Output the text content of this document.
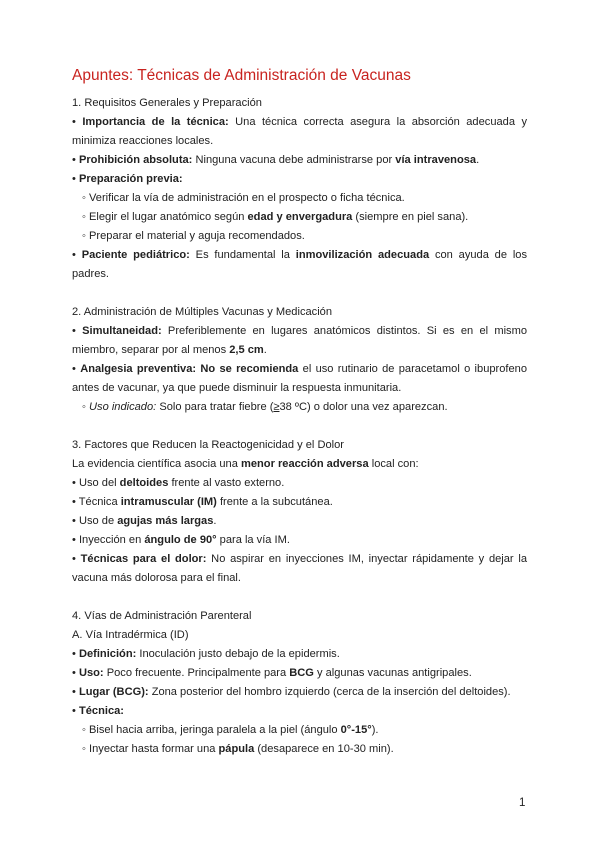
Apuntes: Técnicas de Administración de Vacunas

1. Requisitos Generales y Preparación

• Importancia de la técnica: Una técnica correcta asegura la absorción adecuada y minimiza reacciones locales.

• Prohibición absoluta: Ninguna vacuna debe administrarse por vía intravenosa.

• Preparación previa:

◦ Verificar la vía de administración en el prospecto o ficha técnica.

◦ Elegir el lugar anatómico según edad y envergadura (siempre en piel sana).

◦ Preparar el material y aguja recomendados.

• Paciente pediátrico: Es fundamental la inmovilización adecuada con ayuda de los padres.

2. Administración de Múltiples Vacunas y Medicación

• Simultaneidad: Preferiblemente en lugares anatómicos distintos. Si es en el mismo miembro, separar por al menos 2,5 cm.

• Analgesia preventiva: No se recomienda el uso rutinario de paracetamol o ibuprofeno antes de vacunar, ya que puede disminuir la respuesta inmunitaria.

◦ Uso indicado: Solo para tratar fiebre (≥38 ºC) o dolor una vez aparezcan.

3. Factores que Reducen la Reactogenicidad y el Dolor

La evidencia científica asocia una menor reacción adversa local con:

• Uso del deltoides frente al vasto externo.

• Técnica intramuscular (IM) frente a la subcutánea.

• Uso de agujas más largas.

• Inyección en ángulo de 90° para la vía IM.

• Técnicas para el dolor: No aspirar en inyecciones IM, inyectar rápidamente y dejar la vacuna más dolorosa para el final.

4. Vías de Administración Parenteral

A. Vía Intradérmica (ID)

• Definición: Inoculación justo debajo de la epidermis.

• Uso: Poco frecuente. Principalmente para BCG y algunas vacunas antigripales.

• Lugar (BCG): Zona posterior del hombro izquierdo (cerca de la inserción del deltoides).

• Técnica:

◦ Bisel hacia arriba, jeringa paralela a la piel (ángulo 0°-15°).

◦ Inyectar hasta formar una pápula (desaparece en 10-30 min).

1
